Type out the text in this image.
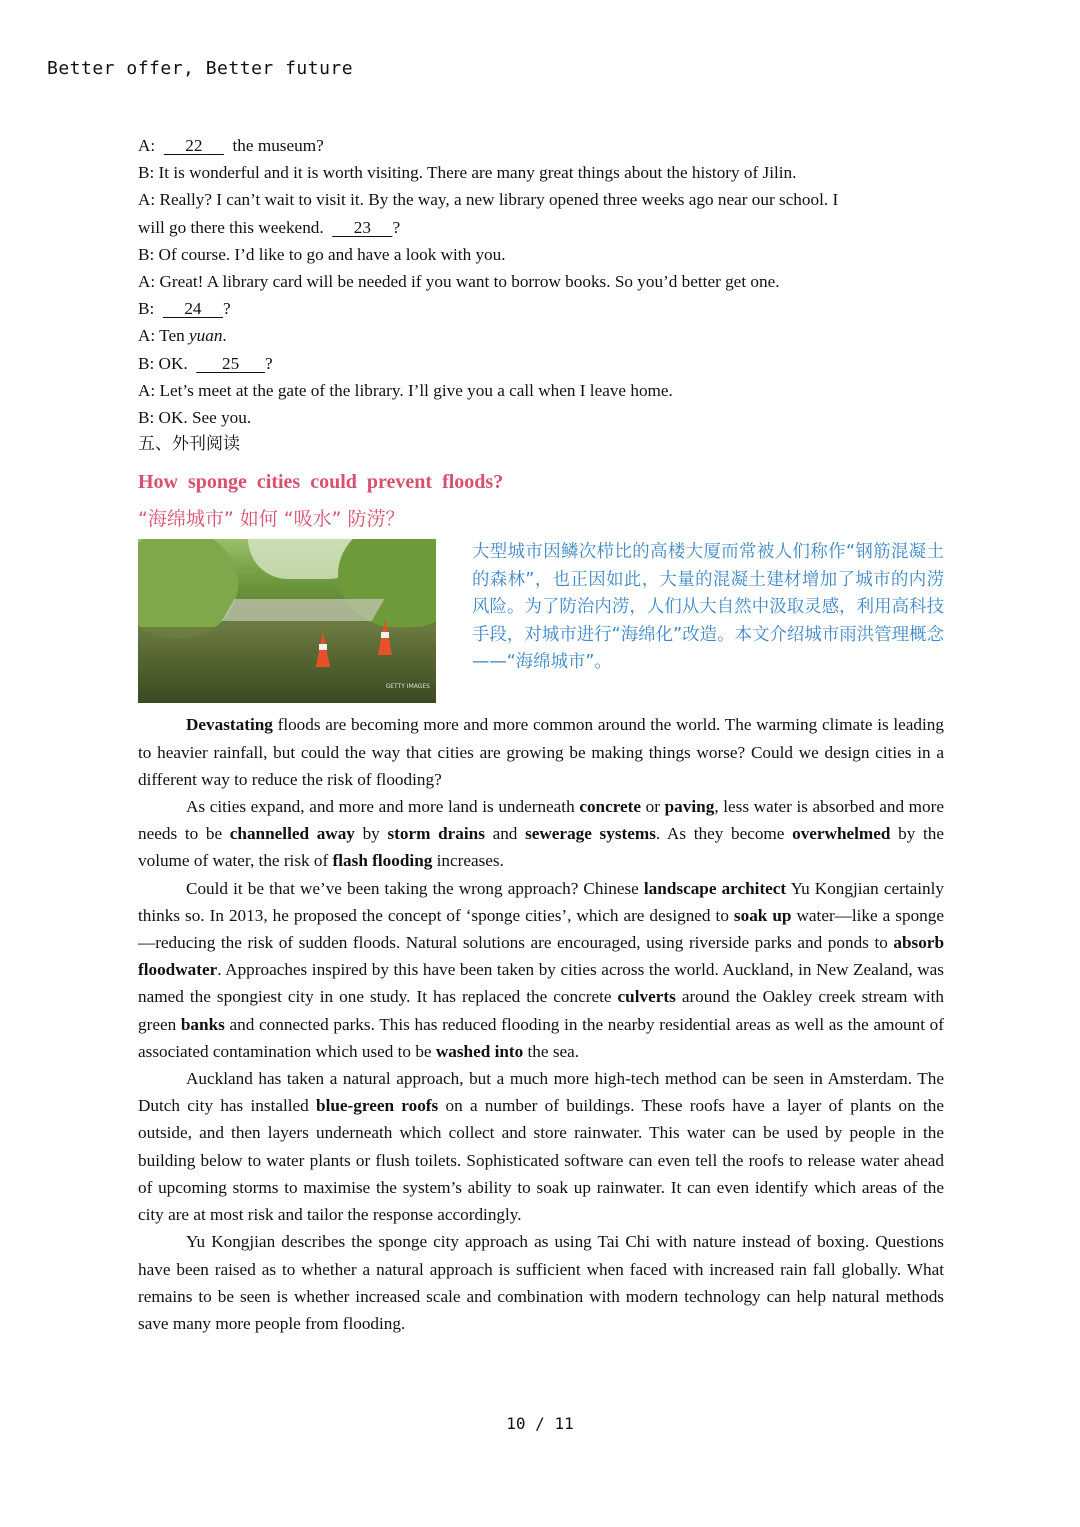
Better offer, Better future
A:       22       the museum?
B: It is wonderful and it is worth visiting. There are many great things about the history of Jilin.
A: Really? I can’t wait to visit it. By the way, a new library opened three weeks ago near our school. I
will go there this weekend.       23 ?
B: Of course. I’d like to go and have a look with you.
A: Great! A library card will be needed if you want to borrow books. So you’d better get one.
B:       24 ?
A: Ten yuan.
B: OK.        25 ?
A: Let’s meet at the gate of the library. I’ll give you a call when I leave home.
B: OK. See you.
五、外刊阅读
How sponge cities could prevent floods?
“海绵城市” 如何 “吸水” 防涝？
GETTY IMAGES
大型城市因鳞次栉比的高楼大厦而常被人们称作“钢筋混凝土的森林”，也正因如此，大量的混凝土建材增加了城市的内涝风险。为了防治内涝，人们从大自然中汲取灵感，利用高科技手段，对城市进行“海绵化”改造。本文介绍城市雨洪管理概念——“海绵城市”。
Devastating floods are becoming more and more common around the world. The warming climate is leading to heavier rainfall, but could the way that cities are growing be making things worse? Could we design cities in a different way to reduce the risk of flooding?
As cities expand, and more and more land is underneath concrete or paving, less water is absorbed and more needs to be channelled away by storm drains and sewerage systems. As they become overwhelmed by the volume of water, the risk of flash flooding increases.
Could it be that we’ve been taking the wrong approach? Chinese landscape architect Yu Kongjian certainly thinks so. In 2013, he proposed the concept of ‘sponge cities’, which are designed to soak up water—like a sponge—reducing the risk of sudden floods. Natural solutions are encouraged, using riverside parks and ponds to absorb floodwater. Approaches inspired by this have been taken by cities across the world. Auckland, in New Zealand, was named the spongiest city in one study. It has replaced the concrete culverts around the Oakley creek stream with green banks and connected parks. This has reduced flooding in the nearby residential areas as well as the amount of associated contamination which used to be washed into the sea.
Auckland has taken a natural approach, but a much more high-tech method can be seen in Amsterdam. The Dutch city has installed blue-green roofs on a number of buildings. These roofs have a layer of plants on the outside, and then layers underneath which collect and store rainwater. This water can be used by people in the building below to water plants or flush toilets. Sophisticated software can even tell the roofs to release water ahead of upcoming storms to maximise the system’s ability to soak up rainwater. It can even identify which areas of the city are at most risk and tailor the response accordingly.
Yu Kongjian describes the sponge city approach as using Tai Chi with nature instead of boxing. Questions have been raised as to whether a natural approach is sufficient when faced with increased rain fall globally. What remains to be seen is whether increased scale and combination with modern technology can help natural methods save many more people from flooding.
10 / 11
